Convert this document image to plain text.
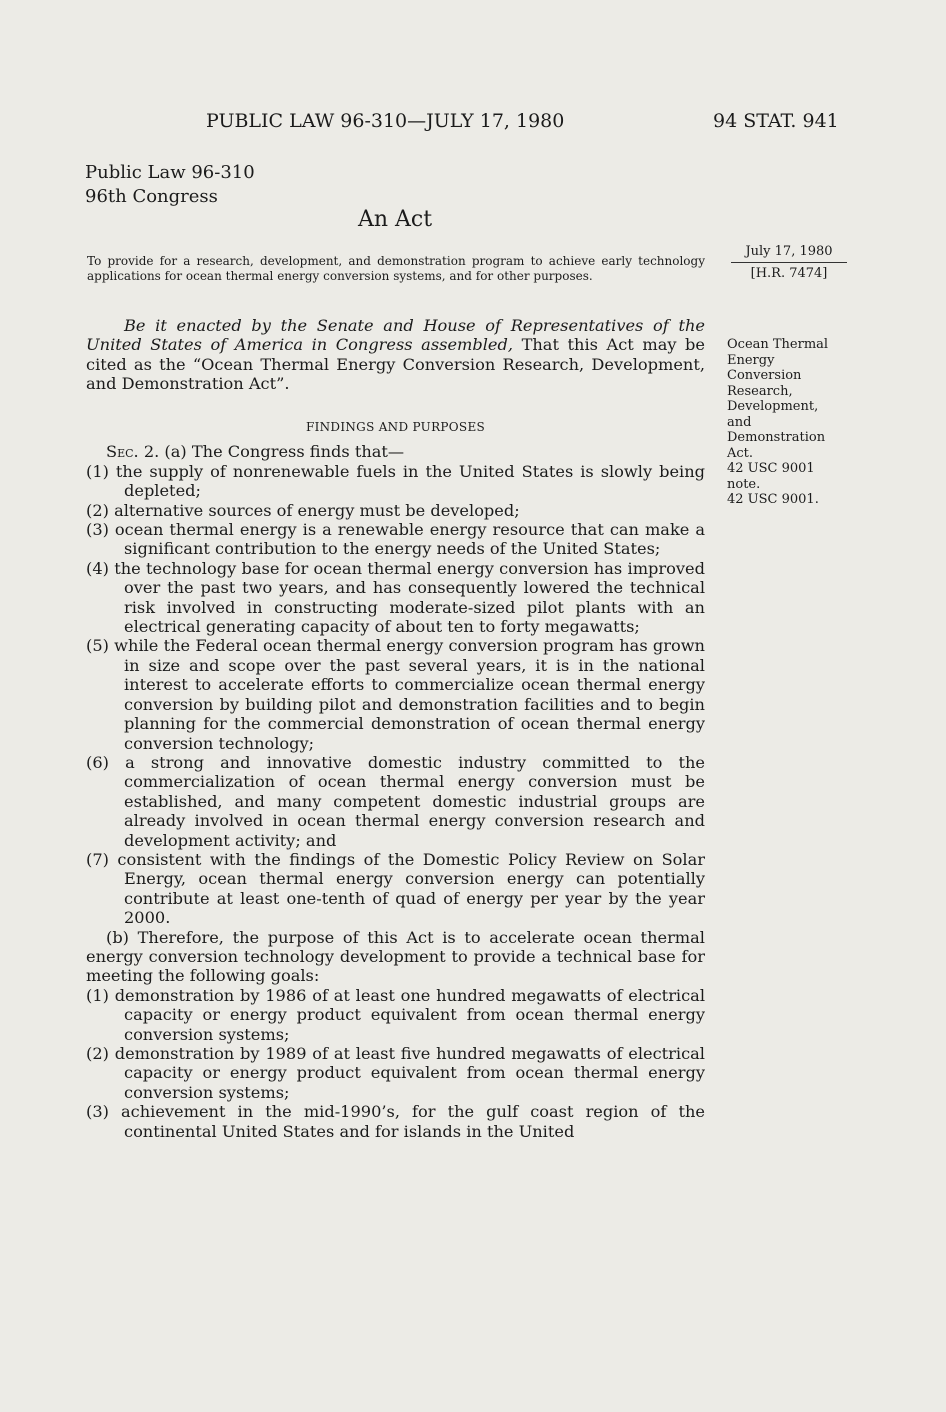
PUBLIC LAW 96-310—JULY 17, 1980	94 STAT. 941
Public Law 96-310
96th Congress
An Act
To provide for a research, development, and demonstration program to achieve early technology applications for ocean thermal energy conversion systems, and for other purposes.
July 17, 1980
[H.R. 7474]
Ocean Thermal
Energy
Conversion
Research,
Development,
and
Demonstration
Act.
42 USC 9001
note.
42 USC 9001.

Be it enacted by the Senate and House of Representatives of the United States of America in Congress assembled, That this Act may be cited as the “Ocean Thermal Energy Conversion Research, Development, and Demonstration Act”.

FINDINGS AND PURPOSES

Sec. 2. (a) The Congress finds that—

(1) the supply of nonrenewable fuels in the United States is slowly being depleted;

(2) alternative sources of energy must be developed;

(3) ocean thermal energy is a renewable energy resource that can make a significant contribution to the energy needs of the United States;

(4) the technology base for ocean thermal energy conversion has improved over the past two years, and has consequently lowered the technical risk involved in constructing moderate-sized pilot plants with an electrical generating capacity of about ten to forty megawatts;

(5) while the Federal ocean thermal energy conversion program has grown in size and scope over the past several years, it is in the national interest to accelerate efforts to commercialize ocean thermal energy conversion by building pilot and demonstration facilities and to begin planning for the commercial demonstration of ocean thermal energy conversion technology;

(6) a strong and innovative domestic industry committed to the commercialization of ocean thermal energy conversion must be established, and many competent domestic industrial groups are already involved in ocean thermal energy conversion research and development activity; and

(7) consistent with the findings of the Domestic Policy Review on Solar Energy, ocean thermal energy conversion energy can potentially contribute at least one-tenth of quad of energy per year by the year 2000.

(b) Therefore, the purpose of this Act is to accelerate ocean thermal energy conversion technology development to provide a technical base for meeting the following goals:

(1) demonstration by 1986 of at least one hundred megawatts of electrical capacity or energy product equivalent from ocean thermal energy conversion systems;

(2) demonstration by 1989 of at least five hundred megawatts of electrical capacity or energy product equivalent from ocean thermal energy conversion systems;

(3) achievement in the mid-1990’s, for the gulf coast region of the continental United States and for islands in the United
